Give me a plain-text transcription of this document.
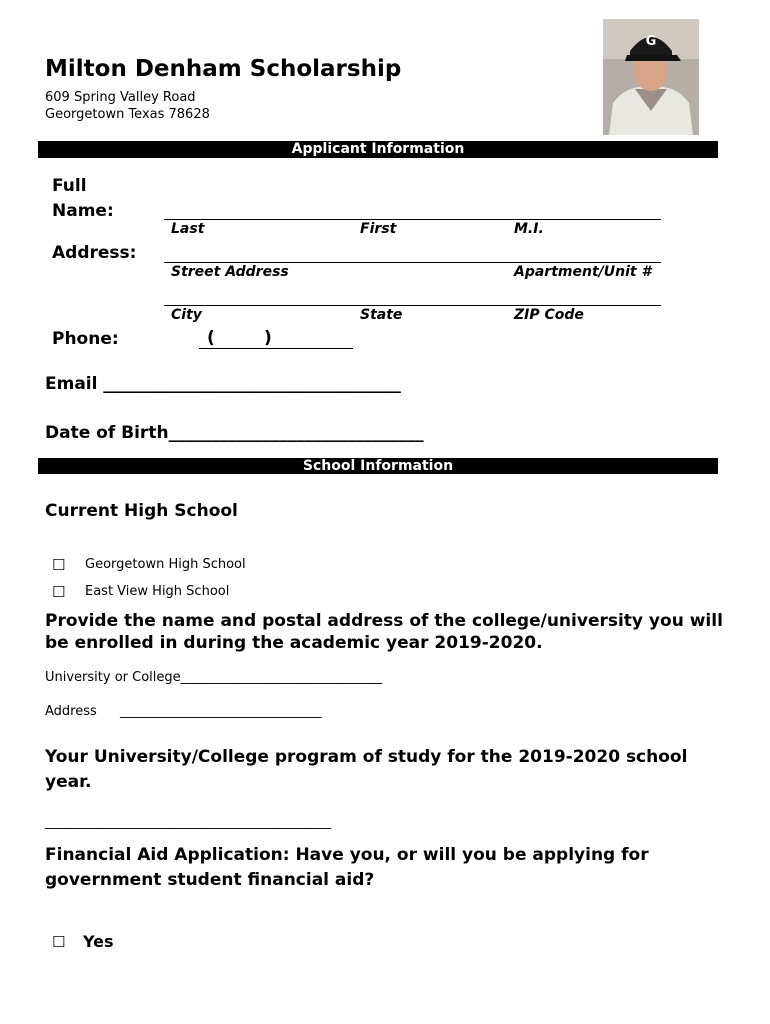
Milton Denham Scholarship
609 Spring Valley Road
Georgetown Texas 78628
G
Applicant Information
Full
Name:
Last	First	M.I.
Address:
Street Address	Apartment/Unit #
City	State	ZIP Code
Phone:	(	)
Email ___________________________________
Date of Birth______________________________
School Information
Current High School
☐ Georgetown High School
☐ East View High School
Provide the name and postal address of the college/university you will be enrolled in during the academic year 2019-2020.
University or College_______________________________
Address _______________________________
Your University/College program of study for the 2019-2020 school year.
____________________________________________
Financial Aid Application: Have you, or will you be applying for government student financial aid?
☐ Yes
